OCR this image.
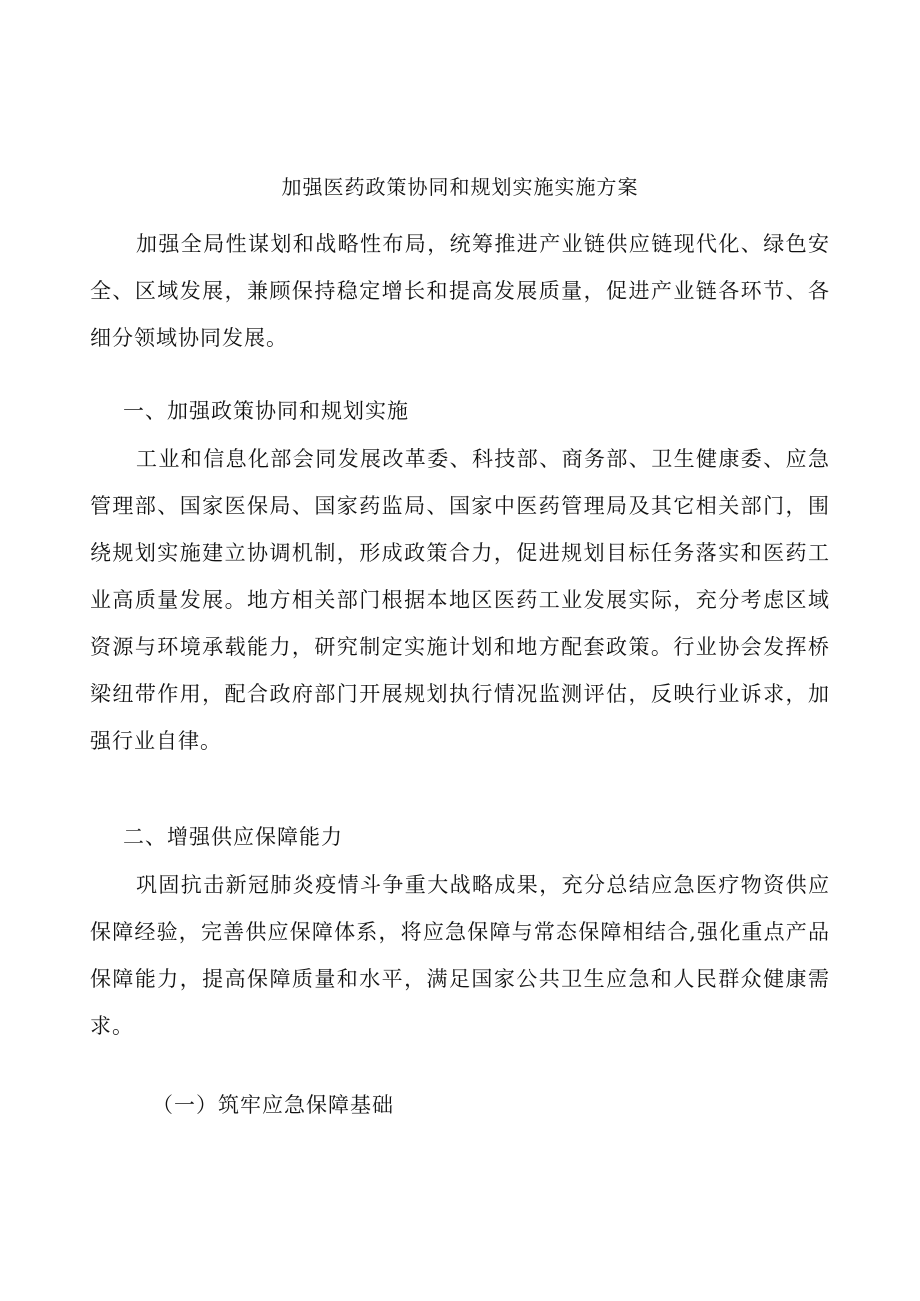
加强医药政策协同和规划实施实施方案

加强全局性谋划和战略性布局，统筹推进产业链供应链现代化、绿色安全、区域发展，兼顾保持稳定增长和提高发展质量，促进产业链各环节、各细分领域协同发展。

一、加强政策协同和规划实施

工业和信息化部会同发展改革委、科技部、商务部、卫生健康委、应急管理部、国家医保局、国家药监局、国家中医药管理局及其它相关部门，围绕规划实施建立协调机制，形成政策合力，促进规划目标任务落实和医药工业高质量发展。地方相关部门根据本地区医药工业发展实际，充分考虑区域资源与环境承载能力，研究制定实施计划和地方配套政策。行业协会发挥桥梁纽带作用，配合政府部门开展规划执行情况监测评估，反映行业诉求，加强行业自律。

二、增强供应保障能力

巩固抗击新冠肺炎疫情斗争重大战略成果，充分总结应急医疗物资供应保障经验，完善供应保障体系，将应急保障与常态保障相结合,强化重点产品保障能力，提高保障质量和水平，满足国家公共卫生应急和人民群众健康需求。

（一）筑牢应急保障基础
